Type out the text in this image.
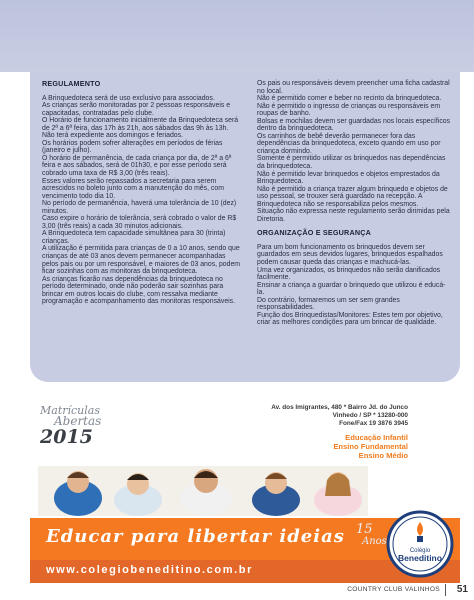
REGULAMENTO

A Brinquedoteca será de uso exclusivo para associados.

As crianças serão monitoradas por 2 pessoas responsáveis e capacitadas, contratadas pelo clube.

O Horário de funcionamento inicialmente da Brinquedoteca será de 2ª a 6ª feira, das 17h às 21h, aos sábados das 9h às 13h. Não terá expediente aos domingos e feriados.

Os horários podem sofrer alterações em períodos de férias (janeiro e julho).

O horário de permanência, de cada criança por dia, de 2ª a 6ª feira e aos sábados, será de 01h30, e por esse período será cobrado uma taxa de R$ 3,00 (três reais).

Esses valores serão repassados a secretaria para serem acrescidos no boleto junto com a manutenção do mês, com vencimento todo dia 10.

No período de permanência, haverá uma tolerância de 10 (dez) minutos.

Caso expire o horário de tolerância, será cobrado o valor de R$ 3,00 (três reais) a cada 30 minutos adicionais.

A Brinquedoteca tem capacidade simultânea para 30 (trinta) crianças.

A utilização é permitida para crianças de 0 a 10 anos, sendo que crianças de até 03 anos devem permanecer acompanhadas pelos pais ou por um responsável, e maiores de 03 anos, podem ficar sozinhas com as monitoras da brinquedoteca.

As crianças ficarão nas dependências da brinquedoteca no período determinado, onde não poderão sair sozinhas para brincar em outros locais do clube, com ressalva mediante programação e acompanhamento das monitoras responsáveis.

Os pais ou responsáveis devem preencher uma ficha cadastral no local.

Não é permitido comer e beber no recinto da brinquedoteca.

Não é permitido o ingresso de crianças ou responsáveis em roupas de banho.

Bolsas e mochilas devem ser guardadas nos locais específicos dentro da brinquedoteca.

Os carrinhos de bebê deverão permanecer fora das dependências da brinquedoteca, exceto quando em uso por criança dormindo.

Somente é permitido utilizar os brinquedos nas dependências da brinquedoteca.

Não é permitido levar brinquedos e objetos emprestados da Brinquedoteca.

Não é permitido a criança trazer algum brinquedo e objetos de uso pessoal, se trouxer será guardado na recepção. A Brinquedoteca não se responsabiliza pelos mesmos.

Situação não expressa neste regulamento serão dirimidas pela Diretoria.

ORGANIZAÇÃO E SEGURANÇA

Para um bom funcionamento os brinquedos devem ser guardados em seus devidos lugares, brinquedos espalhados podem causar queda das crianças e machucá-las.

Uma vez organizados, os brinquedos não serão danificados facilmente.

Ensinar a criança a guardar o brinquedo que utilizou é educá-la.

Do contrário, formaremos um ser sem grandes responsabilidades.

Função dos Brinquedistas/Monitores: Estes tem por objetivo, criar as melhores condições para um brincar de qualidade.

Matrículas
Abertas
2015
Av. dos Imigrantes, 480 * Bairro Jd. do Junco
Vinhedo / SP * 13280-000
Fone/Fax 19 3876 3945
Educação Infantil
Ensino Fundamental
Ensino Médio
Educar para libertar ideias 15
Anos
www.colegiobeneditino.com.br
Colégio
Beneditino
COUNTRY CLUB VALINHOS 51
